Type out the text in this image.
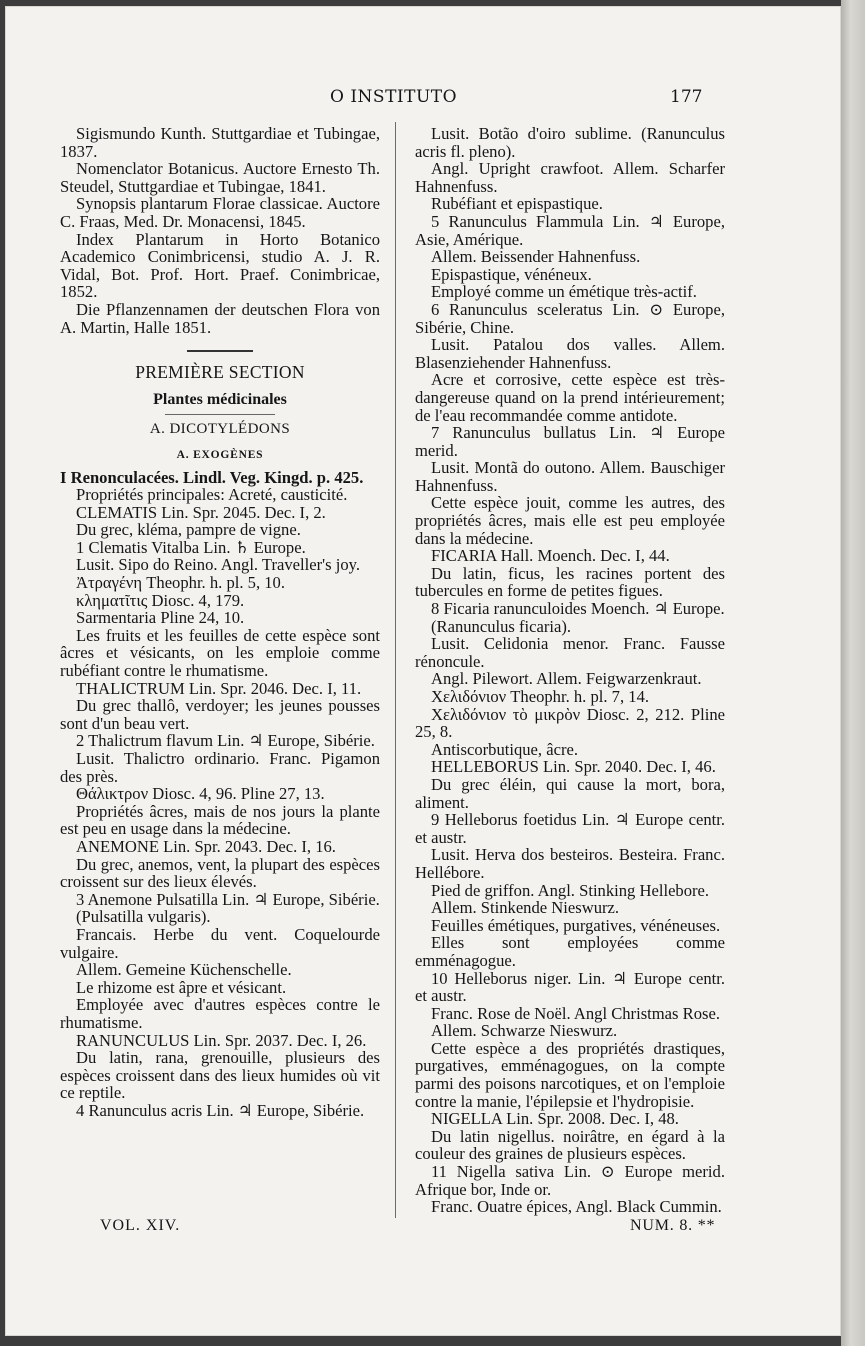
O INSTITUTO	177

Sigismundo Kunth. Stuttgardiae et Tubingae, 1837.

Nomenclator Botanicus. Auctore Ernesto Th. Steudel, Stuttgardiae et Tubingae, 1841.

Synopsis plantarum Florae classicae. Auctore C. Fraas, Med. Dr. Monacensi, 1845.

Index Plantarum in Horto Botanico Academico Conimbricensi, studio A. J. R. Vidal, Bot. Prof. Hort. Praef. Conimbricae, 1852.

Die Pflanzennamen der deutschen Flora von A. Martin, Halle 1851.

PREMIÈRE SECTION

Plantes médicinales

A. DICOTYLÉDONS

A. EXOGÈNES

I Renonculacées. Lindl. Veg. Kingd. p. 425.

Propriétés principales: Acreté, causticité.

CLEMATIS Lin. Spr. 2045. Dec. I, 2.

Du grec, kléma, pampre de vigne.

1 Clematis Vitalba Lin. ♄ Europe.

Lusit. Sipo do Reino. Angl. Traveller's joy.

Ἀτραγένη Theophr. h. pl. 5, 10.

κληματῖτις Diosc. 4, 179.

Sarmentaria Pline 24, 10.

Les fruits et les feuilles de cette espèce sont âcres et vésicants, on les emploie comme rubéfiant contre le rhumatisme.

THALICTRUM Lin. Spr. 2046. Dec. I, 11.

Du grec thallô, verdoyer; les jeunes pousses sont d'un beau vert.

2 Thalictrum flavum Lin. ♃ Europe, Sibérie.

Lusit. Thalictro ordinario. Franc. Pigamon des près.

Θάλικτρον Diosc. 4, 96. Pline 27, 13.

Propriétés âcres, mais de nos jours la plante est peu en usage dans la médecine.

ANEMONE Lin. Spr. 2043. Dec. I, 16.

Du grec, anemos, vent, la plupart des espèces croissent sur des lieux élevés.

3 Anemone Pulsatilla Lin. ♃ Europe, Sibérie.

(Pulsatilla vulgaris).

Francais. Herbe du vent. Coquelourde vulgaire.

Allem. Gemeine Küchenschelle.

Le rhizome est âpre et vésicant.

Employée avec d'autres espèces contre le rhumatisme.

RANUNCULUS Lin. Spr. 2037. Dec. I, 26.

Du latin, rana, grenouille, plusieurs des espèces croissent dans des lieux humides où vit ce reptile.

4 Ranunculus acris Lin. ♃ Europe, Sibérie.

Lusit. Botão d'oiro sublime. (Ranunculus acris fl. pleno).

Angl. Upright crawfoot. Allem. Scharfer Hahnenfuss.

Rubéfiant et epispastique.

5 Ranunculus Flammula Lin. ♃ Europe, Asie, Amérique.

Allem. Beissender Hahnenfuss.

Epispastique, vénéneux.

Employé comme un émétique très-actif.

6 Ranunculus sceleratus Lin. ⊙ Europe, Sibérie, Chine.

Lusit. Patalou dos valles. Allem. Blasenziehender Hahnenfuss.

Acre et corrosive, cette espèce est très-dangereuse quand on la prend intérieurement; de l'eau recommandée comme antidote.

7 Ranunculus bullatus Lin. ♃ Europe merid.

Lusit. Montã do outono. Allem. Bauschiger Hahnenfuss.

Cette espèce jouit, comme les autres, des propriétés âcres, mais elle est peu employée dans la médecine.

FICARIA Hall. Moench. Dec. I, 44.

Du latin, ficus, les racines portent des tubercules en forme de petites figues.

8 Ficaria ranunculoides Moench. ♃ Europe.

(Ranunculus ficaria).

Lusit. Celidonia menor. Franc. Fausse rénoncule.

Angl. Pilewort. Allem. Feigwarzenkraut.

Χελιδόνιον Theophr. h. pl. 7, 14.

Χελιδόνιον τὸ μικρὸν Diosc. 2, 212. Pline 25, 8.

Antiscorbutique, âcre.

HELLEBORUS Lin. Spr. 2040. Dec. I, 46.

Du grec éléin, qui cause la mort, bora, aliment.

9 Helleborus foetidus Lin. ♃ Europe centr. et austr.

Lusit. Herva dos besteiros. Besteira. Franc. Hellébore.

Pied de griffon. Angl. Stinking Hellebore.

Allem. Stinkende Nieswurz.

Feuilles émétiques, purgatives, vénéneuses.

Elles sont employées comme emménagogue.

10 Helleborus niger. Lin. ♃ Europe centr. et austr.

Franc. Rose de Noël. Angl Christmas Rose.

Allem. Schwarze Nieswurz.

Cette espèce a des propriétés drastiques, purgatives, emménagogues, on la compte parmi des poisons narcotiques, et on l'emploie contre la manie, l'épilepsie et l'hydropisie.

NIGELLA Lin. Spr. 2008. Dec. I, 48.

Du latin nigellus. noirâtre, en égard à la couleur des graines de plusieurs espèces.

11 Nigella sativa Lin. ⊙ Europe merid. Afrique bor, Inde or.

Franc. Ouatre épices, Angl. Black Cummin.

VOL. XIV.	NUM. 8. **
